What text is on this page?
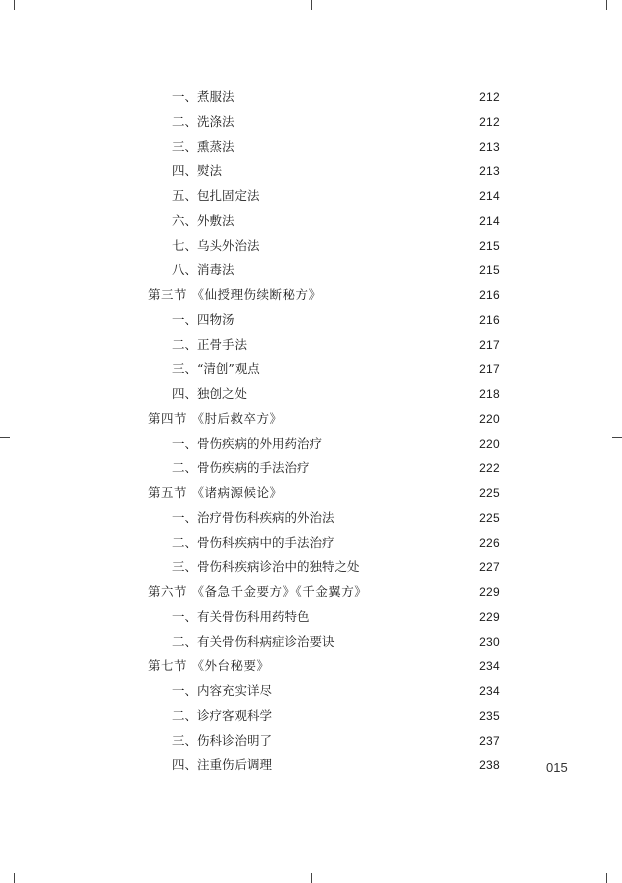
一、煮服法	212
二、洗涤法	212
三、熏蒸法	213
四、熨法	213
五、包扎固定法	214
六、外敷法	214
七、乌头外治法	215
八、消毒法	215
第三节 《仙授理伤续断秘方》	216
一、四物汤	216
二、正骨手法	217
三、“清创”观点	217
四、独创之处	218
第四节 《肘后救卒方》	220
一、骨伤疾病的外用药治疗	220
二、骨伤疾病的手法治疗	222
第五节 《诸病源候论》	225
一、治疗骨伤科疾病的外治法	225
二、骨伤科疾病中的手法治疗	226
三、骨伤科疾病诊治中的独特之处	227
第六节 《备急千金要方》《千金翼方》	229
一、有关骨伤科用药特色	229
二、有关骨伤科病症诊治要诀	230
第七节 《外台秘要》	234
一、内容充实详尽	234
二、诊疗客观科学	235
三、伤科诊治明了	237
四、注重伤后调理	238	015
